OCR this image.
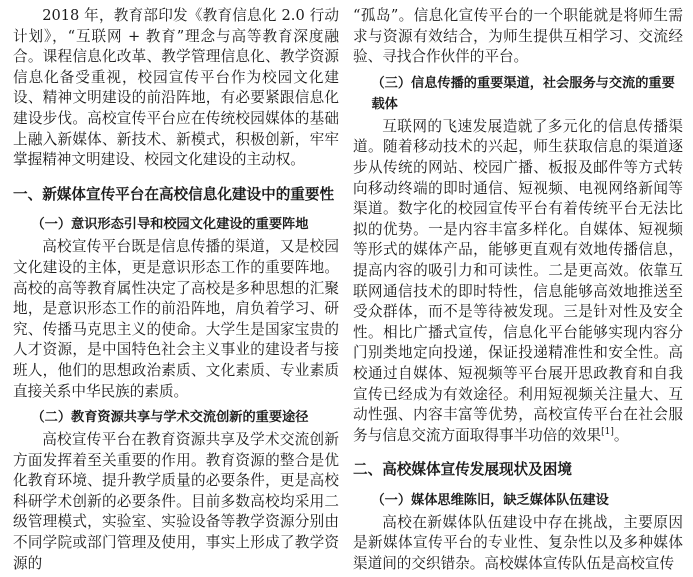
2018 年，教育部印发《教育信息化 2.0 行动计划》，“互联网 + 教育”理念与高等教育深度融合。课程信息化改革、教学管理信息化、教学资源信息化备受重视，校园宣传平台作为校园文化建设、精神文明建设的前沿阵地，有必要紧跟信息化建设步伐。高校宣传平台应在传统校园媒体的基础上融入新媒体、新技术、新模式，积极创新，牢牢掌握精神文明建设、校园文化建设的主动权。

一、新媒体宣传平台在高校信息化建设中的重要性
（一）意识形态引导和校园文化建设的重要阵地

高校宣传平台既是信息传播的渠道，又是校园文化建设的主体，更是意识形态工作的重要阵地。高校的高等教育属性决定了高校是多种思想的汇聚地，是意识形态工作的前沿阵地，肩负着学习、研究、传播马克思主义的使命。大学生是国家宝贵的人才资源，是中国特色社会主义事业的建设者与接班人，他们的思想政治素质、文化素质、专业素质直接关系中华民族的素质。

（二）教育资源共享与学术交流创新的重要途径

高校宣传平台在教育资源共享及学术交流创新方面发挥着至关重要的作用。教育资源的整合是优化教育环境、提升教学质量的必要条件，更是高校科研学术创新的必要条件。目前多数高校均采用二级管理模式，实验室、实验设备等教学资源分别由不同学院或部门管理及使用，事实上形成了教学资源的

“孤岛”。信息化宣传平台的一个职能就是将师生需求与资源有效结合，为师生提供互相学习、交流经验、寻找合作伙伴的平台。

（三）信息传播的重要渠道，社会服务与交流的重要载体

互联网的飞速发展造就了多元化的信息传播渠道。随着移动技术的兴起，师生获取信息的渠道逐步从传统的网站、校园广播、板报及邮件等方式转向移动终端的即时通信、短视频、电视网络新闻等渠道。数字化的校园宣传平台有着传统平台无法比拟的优势。一是内容丰富多样化。自媒体、短视频等形式的媒体产品，能够更直观有效地传播信息，提高内容的吸引力和可读性。二是更高效。依靠互联网通信技术的即时特性，信息能够高效地推送至受众群体，而不是等待被发现。三是针对性及安全性。相比广播式宣传，信息化平台能够实现内容分门别类地定向投递，保证投递精准性和安全性。高校通过自媒体、短视频等平台展开思政教育和自我宣传已经成为有效途径。利用短视频关注量大、互动性强、内容丰富等优势，高校宣传平台在社会服务与信息交流方面取得事半功倍的效果[1]。

二、高校媒体宣传发展现状及困境
（一）媒体思维陈旧，缺乏媒体队伍建设

高校在新媒体队伍建设中存在挑战，主要原因是新媒体宣传平台的专业性、复杂性以及多种媒体渠道间的交织错杂。高校媒体宣传队伍是高校宣传
